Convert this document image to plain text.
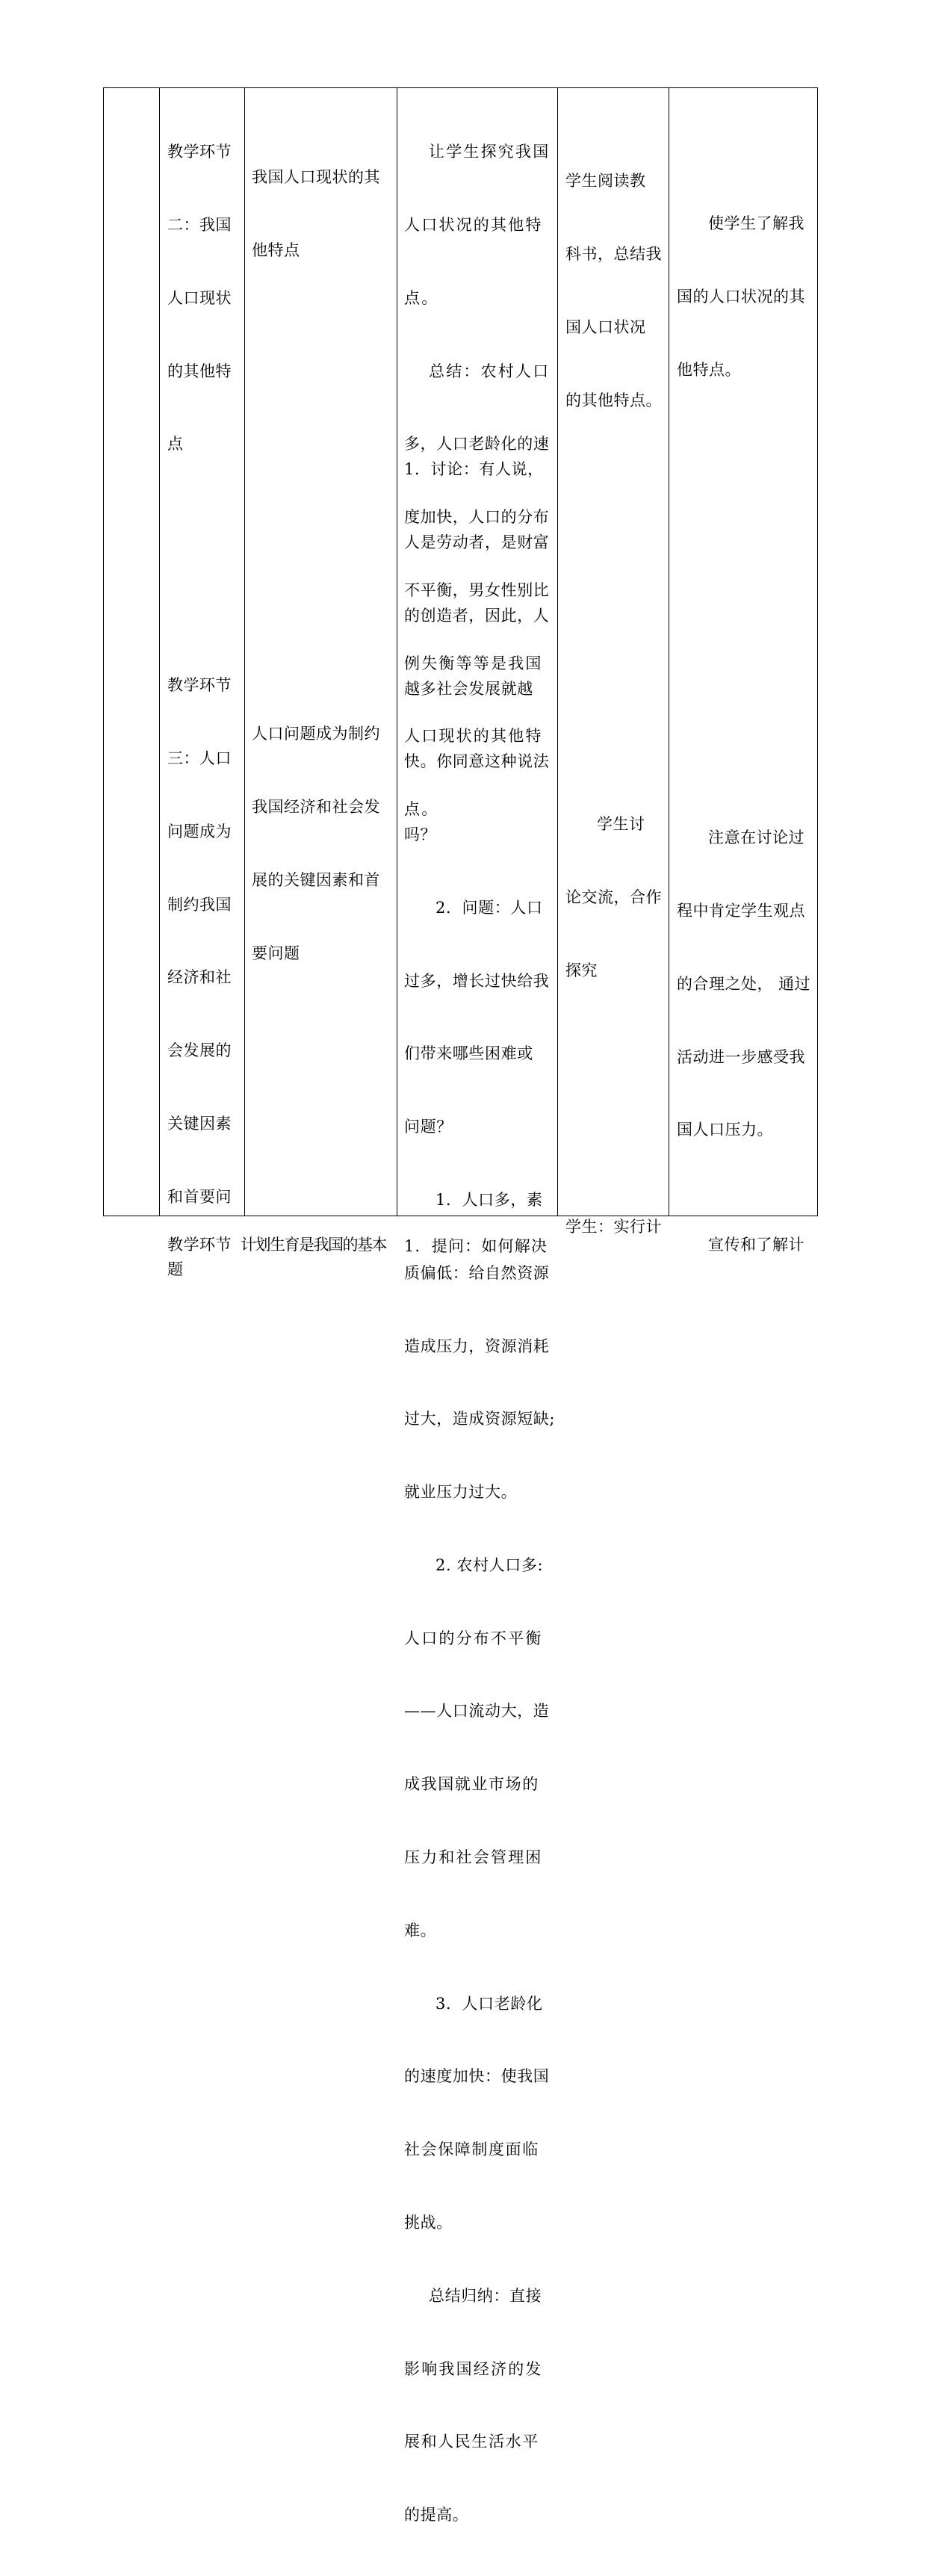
教学环节

二：我国

人口现状

的其他特

点

我国人口现状的其

他特点

让学生探究我国

人口状况的其他特

点。

总结：农村人口

多，人口老龄化的速

度加快，人口的分布

不平衡，男女性别比

例失衡等等是我国

人口现状的其他特

点。

学生阅读教

科书，总结我

国人口状况

的其他特点。

使学生了解我

国的人口状况的其

他特点。

教学环节

三：人口

问题成为

制约我国

经济和社

会发展的

关键因素

和首要问

题

人口问题成为制约

我国经济和社会发

展的关键因素和首

要问题

1．讨论：有人说，

人是劳动者，是财富

的创造者，因此，人

越多社会发展就越

快。你同意这种说法

吗？

2．问题：人口

过多，增长过快给我

们带来哪些困难或

问题？

1．人口多，素

质偏低：给自然资源

造成压力，资源消耗

过大，造成资源短缺;

就业压力过大。

2. 农村人口多:

人口的分布不平衡

——人口流动大，造

成我国就业市场的

压力和社会管理困

难。

3．人口老龄化

的速度加快：使我国

社会保障制度面临

挑战。

总结归纳：直接

影响我国经济的发

展和人民生活水平

的提高。

学生讨

论交流，合作

探究

注意在讨论过

程中肯定学生观点

的合理之处， 通过

活动进一步感受我

国人口压力。

教学环节

计划生育是我国的基本

1．提问：如何解决

学生：实行计

宣传和了解计
